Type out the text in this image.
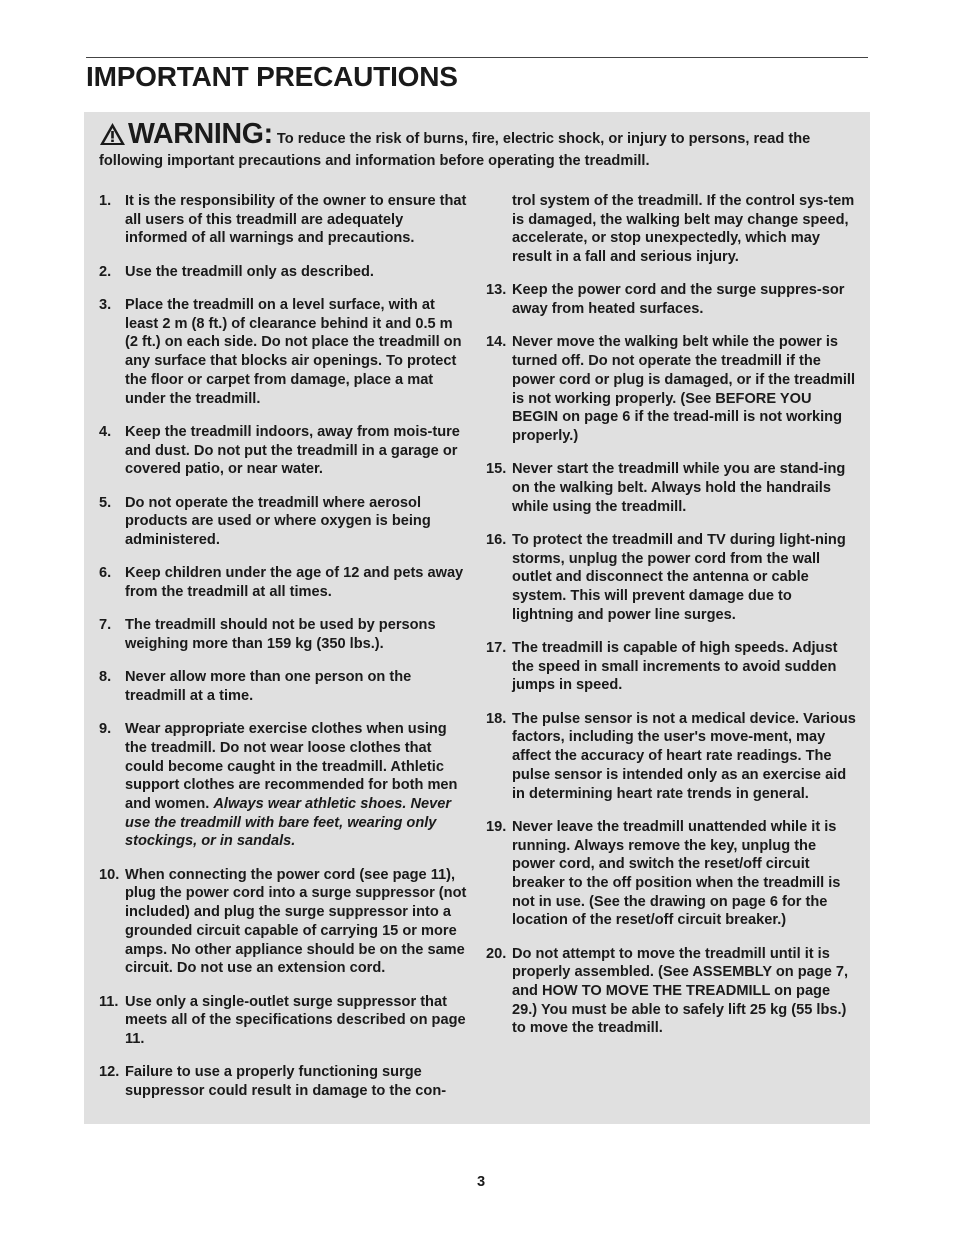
IMPORTANT PRECAUTIONS
WARNING: To reduce the risk of burns, fire, electric shock, or injury to persons, read the following important precautions and information before operating the treadmill.
1. It is the responsibility of the owner to ensure that all users of this treadmill are adequately informed of all warnings and precautions.
2. Use the treadmill only as described.
3. Place the treadmill on a level surface, with at least 2 m (8 ft.) of clearance behind it and 0.5 m (2 ft.) on each side. Do not place the treadmill on any surface that blocks air openings. To protect the floor or carpet from damage, place a mat under the treadmill.
4. Keep the treadmill indoors, away from mois-ture and dust. Do not put the treadmill in a garage or covered patio, or near water.
5. Do not operate the treadmill where aerosol products are used or where oxygen is being administered.
6. Keep children under the age of 12 and pets away from the treadmill at all times.
7. The treadmill should not be used by persons weighing more than 159 kg (350 lbs.).
8. Never allow more than one person on the treadmill at a time.
9. Wear appropriate exercise clothes when using the treadmill. Do not wear loose clothes that could become caught in the treadmill. Athletic support clothes are recommended for both men and women. Always wear athletic shoes. Never use the treadmill with bare feet, wearing only stockings, or in sandals.
10. When connecting the power cord (see page 11), plug the power cord into a surge suppressor (not included) and plug the surge suppressor into a grounded circuit capable of carrying 15 or more amps. No other appliance should be on the same circuit. Do not use an extension cord.
11. Use only a single-outlet surge suppressor that meets all of the specifications described on page 11.
12. Failure to use a properly functioning surge suppressor could result in damage to the con-
trol system of the treadmill. If the control sys-tem is damaged, the walking belt may change speed, accelerate, or stop unexpectedly, which may result in a fall and serious injury.
13. Keep the power cord and the surge suppres-sor away from heated surfaces.
14. Never move the walking belt while the power is turned off. Do not operate the treadmill if the power cord or plug is damaged, or if the treadmill is not working properly. (See BEFORE YOU BEGIN on page 6 if the tread-mill is not working properly.)
15. Never start the treadmill while you are stand-ing on the walking belt. Always hold the handrails while using the treadmill.
16. To protect the treadmill and TV during light-ning storms, unplug the power cord from the wall outlet and disconnect the antenna or cable system. This will prevent damage due to lightning and power line surges.
17. The treadmill is capable of high speeds. Adjust the speed in small increments to avoid sudden jumps in speed.
18. The pulse sensor is not a medical device. Various factors, including the user's move-ment, may affect the accuracy of heart rate readings. The pulse sensor is intended only as an exercise aid in determining heart rate trends in general.
19. Never leave the treadmill unattended while it is running. Always remove the key, unplug the power cord, and switch the reset/off circuit breaker to the off position when the treadmill is not in use. (See the drawing on page 6 for the location of the reset/off circuit breaker.)
20. Do not attempt to move the treadmill until it is properly assembled. (See ASSEMBLY on page 7, and HOW TO MOVE THE TREADMILL on page 29.) You must be able to safely lift 25 kg (55 lbs.) to move the treadmill.
3
